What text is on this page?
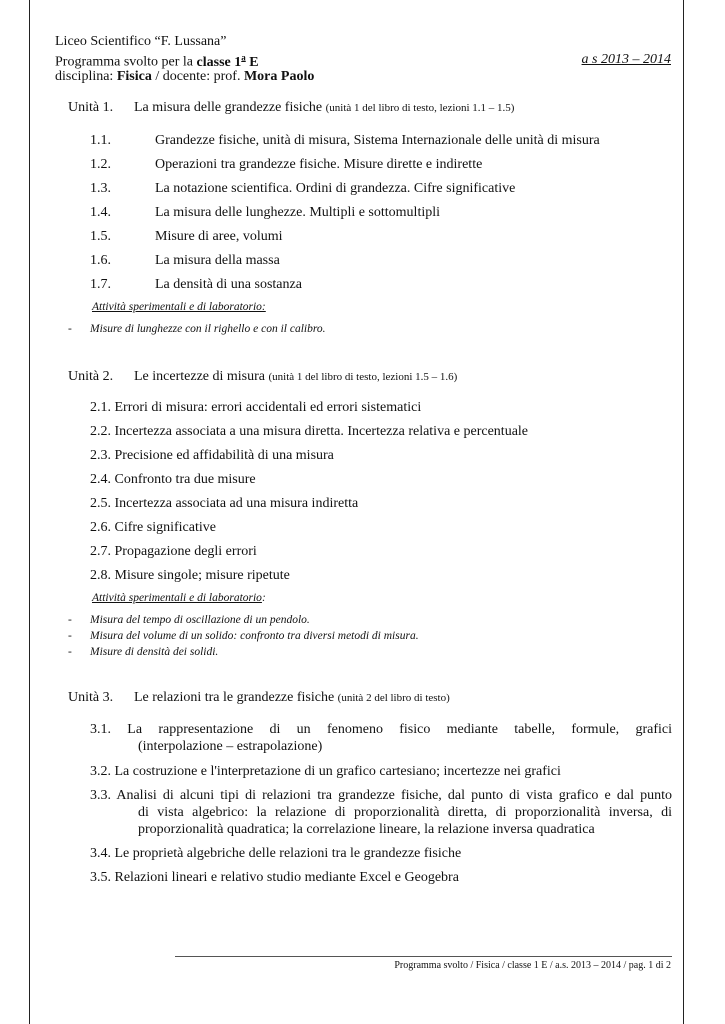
Liceo Scientifico “F. Lussana”
Programma svolto per la classe 1$^a$ E	a s 2013 – 2014
disciplina: Fisica / docente: prof. Mora Paolo
Unità 1. La misura delle grandezze fisiche (unità 1 del libro di testo, lezioni 1.1 – 1.5)
1.1.	Grandezze fisiche, unità di misura, Sistema Internazionale delle unità di misura
1.2.	Operazioni tra grandezze fisiche. Misure dirette e indirette
1.3.	La notazione scientifica. Ordini di grandezza. Cifre significative
1.4.	La misura delle lunghezze. Multipli e sottomultipli
1.5.	Misure di aree, volumi
1.6.	La misura della massa
1.7.	La densità di una sostanza
Attività sperimentali e di laboratorio:
- Misure di lunghezze con il righello e con il calibro.
Unità 2. Le incertezze di misura (unità 1 del libro di testo, lezioni 1.5 – 1.6)
2.1. Errori di misura: errori accidentali ed errori sistematici
2.2. Incertezza associata a una misura diretta. Incertezza relativa e percentuale
2.3. Precisione ed affidabilità di una misura
2.4. Confronto tra due misure
2.5. Incertezza associata ad una misura indiretta
2.6. Cifre significative
2.7. Propagazione degli errori
2.8. Misure singole; misure ripetute
Attività sperimentali e di laboratorio:
- Misura del tempo di oscillazione di un pendolo.
- Misura del volume di un solido: confronto tra diversi metodi di misura.
- Misure di densità dei solidi.
Unità 3. Le relazioni tra le grandezze fisiche (unità 2 del libro di testo)
3.1. La rappresentazione di un fenomeno fisico mediante tabelle, formule, grafici
(interpolazione – estrapolazione)
3.2. La costruzione e l'interpretazione di un grafico cartesiano; incertezze nei grafici
3.3. Analisi di alcuni tipi di relazioni tra grandezze fisiche, dal punto di vista grafico e dal punto
di vista algebrico: la relazione di proporzionalità diretta, di proporzionalità inversa, di
proporzionalità quadratica; la correlazione lineare, la relazione inversa quadratica
3.4. Le proprietà algebriche delle relazioni tra le grandezze fisiche
3.5. Relazioni lineari e relativo studio mediante Excel e Geogebra
Programma svolto / Fisica / classe 1 E / a.s. 2013 – 2014 / pag. 1 di 2
